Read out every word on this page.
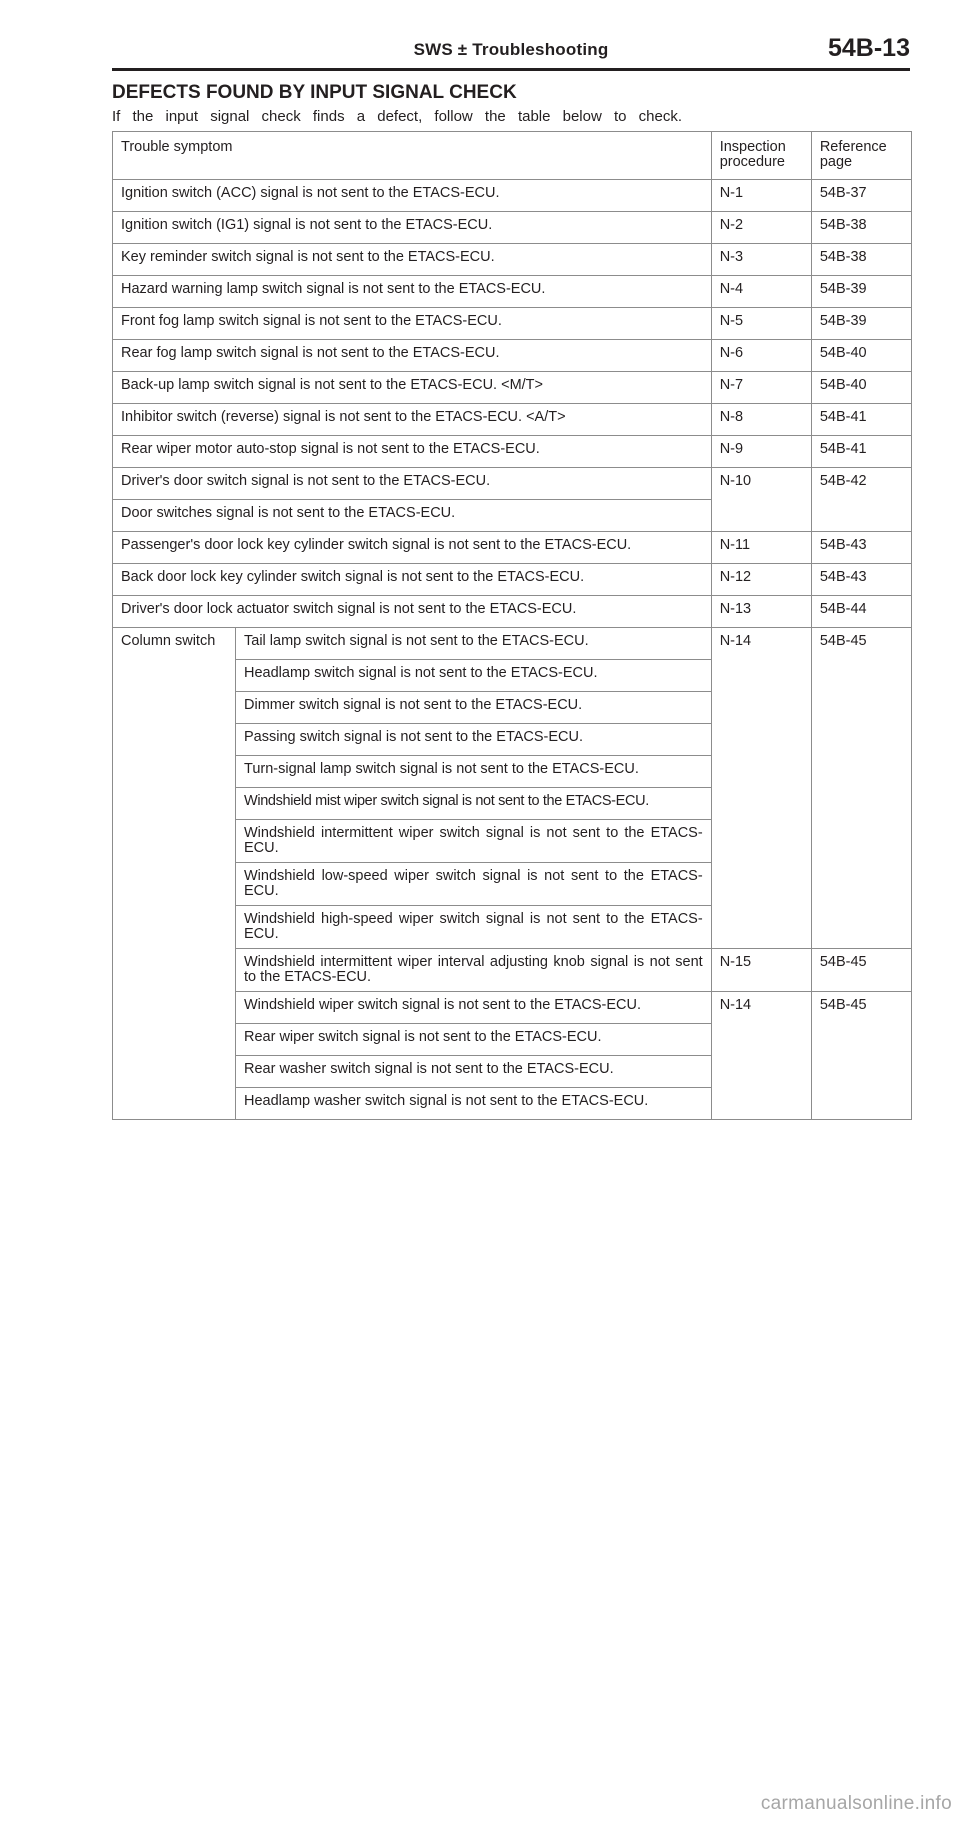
SWS ± Troubleshooting	54B-13
DEFECTS FOUND BY INPUT SIGNAL CHECK

If the input signal check finds a defect, follow the table below to check.

Trouble symptom		Inspection procedure	Reference page
Ignition switch (ACC) signal is not sent to the ETACS-ECU.		N-1	54B-37
Ignition switch (IG1) signal is not sent to the ETACS-ECU.		N-2	54B-38
Key reminder switch signal is not sent to the ETACS-ECU.		N-3	54B-38
Hazard warning lamp switch signal is not sent to the ETACS-ECU.		N-4	54B-39
Front fog lamp switch signal is not sent to the ETACS-ECU.		N-5	54B-39
Rear fog lamp switch signal is not sent to the ETACS-ECU.		N-6	54B-40
Back-up lamp switch signal is not sent to the ETACS-ECU. <M/T>		N-7	54B-40
Inhibitor switch (reverse) signal is not sent to the ETACS-ECU. <A/T>		N-8	54B-41
Rear wiper motor auto-stop signal is not sent to the ETACS-ECU.		N-9	54B-41
Driver's door switch signal is not sent to the ETACS-ECU.		N-10	54B-42
Door switches signal is not sent to the ETACS-ECU.			
Passenger's door lock key cylinder switch signal is not sent to the ETACS-ECU.		N-11	54B-43
Back door lock key cylinder switch signal is not sent to the ETACS-ECU.		N-12	54B-43
Driver's door lock actuator switch signal is not sent to the ETACS-ECU.		N-13	54B-44
Column switch	Tail lamp switch signal is not sent to the ETACS-ECU.	N-14	54B-45
	Headlamp switch signal is not sent to the ETACS-ECU.		
	Dimmer switch signal is not sent to the ETACS-ECU.		
	Passing switch signal is not sent to the ETACS-ECU.		
	Turn-signal lamp switch signal is not sent to the ETACS-ECU.		
	Windshield mist wiper switch signal is not sent to the ETACS-ECU.		
	Windshield intermittent wiper switch signal is not sent to the ETACS-ECU.		
	Windshield low-speed wiper switch signal is not sent to the ETACS-ECU.		
	Windshield high-speed wiper switch signal is not sent to the ETACS-ECU.		
	Windshield intermittent wiper interval adjusting knob signal is not sent to the ETACS-ECU.	N-15	54B-45
	Windshield wiper switch signal is not sent to the ETACS-ECU.	N-14	54B-45
	Rear wiper switch signal is not sent to the ETACS-ECU.		
	Rear washer switch signal is not sent to the ETACS-ECU.		
	Headlamp washer switch signal is not sent to the ETACS-ECU.		
carmanualsonline.info
